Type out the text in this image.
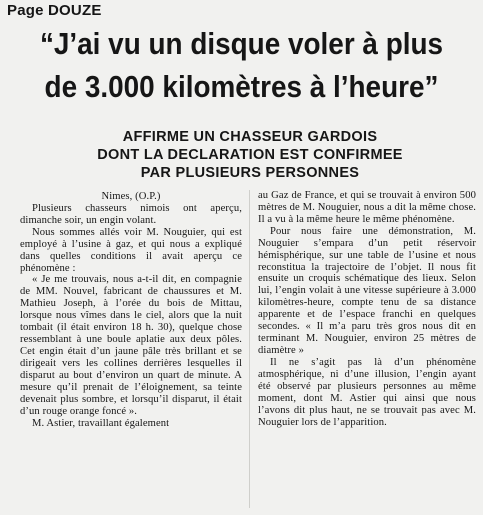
Page DOUZE
“J’ai vu un disque voler à plus
de 3.000 kilomètres à l’heure”
AFFIRME UN CHASSEUR GARDOIS
DONT LA DECLARATION EST CONFIRMEE
PAR PLUSIEURS PERSONNES

Nimes, (O.P.)

Plusieurs chasseurs nimois ont aperçu, dimanche soir, un engin volant.

Nous sommes allés voir M. Nouguier, qui est employé à l’usine à gaz, et qui nous a expliqué dans quelles conditions il avait aperçu ce phénomène :

« Je me trouvais, nous a-t-il dit, en compagnie de MM. Nouvel, fabricant de chaussures et M. Mathieu Joseph, à l’orée du bois de Mittau, lorsque nous vîmes dans le ciel, alors que la nuit tombait (il était environ 18 h. 30), quelque chose ressemblant à une boule aplatie aux deux pôles. Cet engin était d’un jaune pâle très brillant et se dirigeait vers les collines derrières lesquelles il disparut au bout d’environ un quart de minute. A mesure qu’il prenait de l’éloignement, sa teinte devenait plus sombre, et lorsqu’il disparut, il était d’un rouge orange foncé ».

M. Astier, travaillant également

au Gaz de France, et qui se trouvait à environ 500 mètres de M. Nouguier, nous a dit la même chose. Il a vu à la même heure le même phénomène.

Pour nous faire une démonstration, M. Nouguier s’empara d’un petit réservoir hémisphérique, sur une table de l’usine et nous reconstitua la trajectoire de l’objet. Il nous fit ensuite un croquis schématique des lieux. Selon lui, l’engin volait à une vitesse supérieure à 3.000 kilomètres-heure, compte tenu de sa distance apparente et de l’espace franchi en quelques secondes. « Il m’a paru très gros nous dit en terminant M. Nouguier, environ 25 mètres de diamètre »

Il ne s’agit pas là d’un phénomène atmosphérique, ni d’une illusion, l’engin ayant été observé par plusieurs personnes au même moment, dont M. Astier qui ainsi que nous l’avons dit plus haut, ne se trouvait pas avec M. Nouguier lors de l’apparition.
